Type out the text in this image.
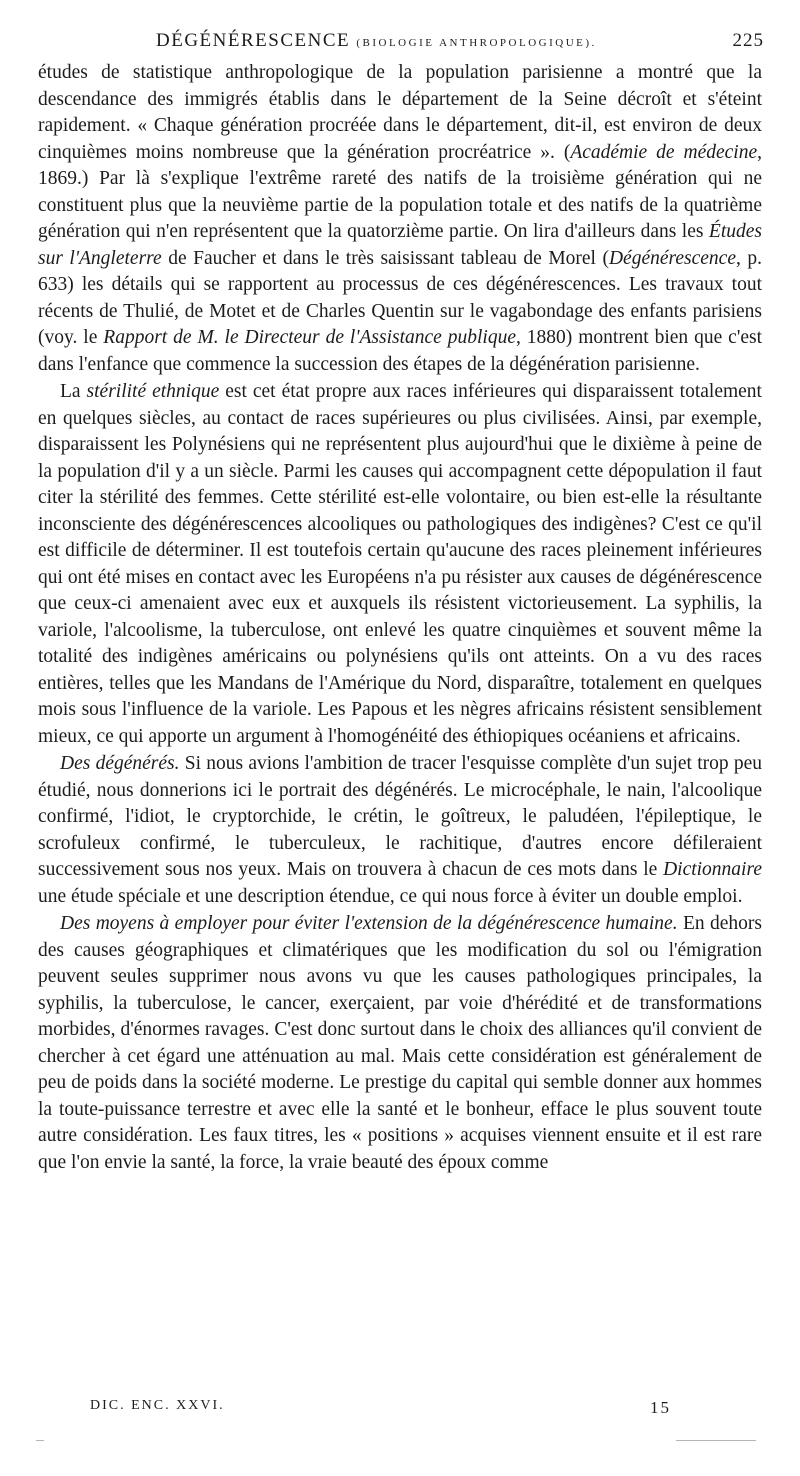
DÉGÉNÉRESCENCE (BIOLOGIE ANTHROPOLOGIQUE).	225

études de statistique anthropologique de la population parisienne a montré que la descendance des immigrés établis dans le département de la Seine décroît et s'éteint rapidement. « Chaque génération procréée dans le département, dit-il, est environ de deux cinquièmes moins nombreuse que la génération procréatrice ». (Académie de médecine, 1869.) Par là s'explique l'extrême rareté des natifs de la troisième génération qui ne constituent plus que la neuvième partie de la population totale et des natifs de la quatrième génération qui n'en représentent que la quatorzième partie. On lira d'ailleurs dans les Études sur l'Angleterre de Faucher et dans le très saisissant tableau de Morel (Dégénérescence, p. 633) les détails qui se rapportent au processus de ces dégénérescences. Les travaux tout récents de Thulié, de Motet et de Charles Quentin sur le vagabondage des enfants parisiens (voy. le Rapport de M. le Directeur de l'Assistance publique, 1880) montrent bien que c'est dans l'enfance que commence la succession des étapes de la dégénération parisienne.

La stérilité ethnique est cet état propre aux races inférieures qui disparaissent totalement en quelques siècles, au contact de races supérieures ou plus civilisées. Ainsi, par exemple, disparaissent les Polynésiens qui ne représentent plus aujourd'hui que le dixième à peine de la population d'il y a un siècle. Parmi les causes qui accompagnent cette dépopulation il faut citer la stérilité des femmes. Cette stérilité est-elle volontaire, ou bien est-elle la résultante inconsciente des dégénérescences alcooliques ou pathologiques des indigènes? C'est ce qu'il est difficile de déterminer. Il est toutefois certain qu'aucune des races pleinement inférieures qui ont été mises en contact avec les Européens n'a pu résister aux causes de dégénérescence que ceux-ci amenaient avec eux et auxquels ils résistent victorieusement. La syphilis, la variole, l'alcoolisme, la tuberculose, ont enlevé les quatre cinquièmes et souvent même la totalité des indigènes américains ou polynésiens qu'ils ont atteints. On a vu des races entières, telles que les Mandans de l'Amérique du Nord, disparaître, totalement en quelques mois sous l'influence de la variole. Les Papous et les nègres africains résistent sensiblement mieux, ce qui apporte un argument à l'homogénéité des éthiopiques océaniens et africains.

Des dégénérés. Si nous avions l'ambition de tracer l'esquisse complète d'un sujet trop peu étudié, nous donnerions ici le portrait des dégénérés. Le microcéphale, le nain, l'alcoolique confirmé, l'idiot, le cryptorchide, le crétin, le goîtreux, le paludéen, l'épileptique, le scrofuleux confirmé, le tuberculeux, le rachitique, d'autres encore défileraient successivement sous nos yeux. Mais on trouvera à chacun de ces mots dans le Dictionnaire une étude spéciale et une description étendue, ce qui nous force à éviter un double emploi.

Des moyens à employer pour éviter l'extension de la dégénérescence humaine. En dehors des causes géographiques et climatériques que les modification du sol ou l'émigration peuvent seules supprimer nous avons vu que les causes pathologiques principales, la syphilis, la tuberculose, le cancer, exerçaient, par voie d'hérédité et de transformations morbides, d'énormes ravages. C'est donc surtout dans le choix des alliances qu'il convient de chercher à cet égard une atténuation au mal. Mais cette considération est généralement de peu de poids dans la société moderne. Le prestige du capital qui semble donner aux hommes la toute-puissance terrestre et avec elle la santé et le bonheur, efface le plus souvent toute autre considération. Les faux titres, les « positions » acquises viennent ensuite et il est rare que l'on envie la santé, la force, la vraie beauté des époux comme

DIC. ENC. XXVI.	15
